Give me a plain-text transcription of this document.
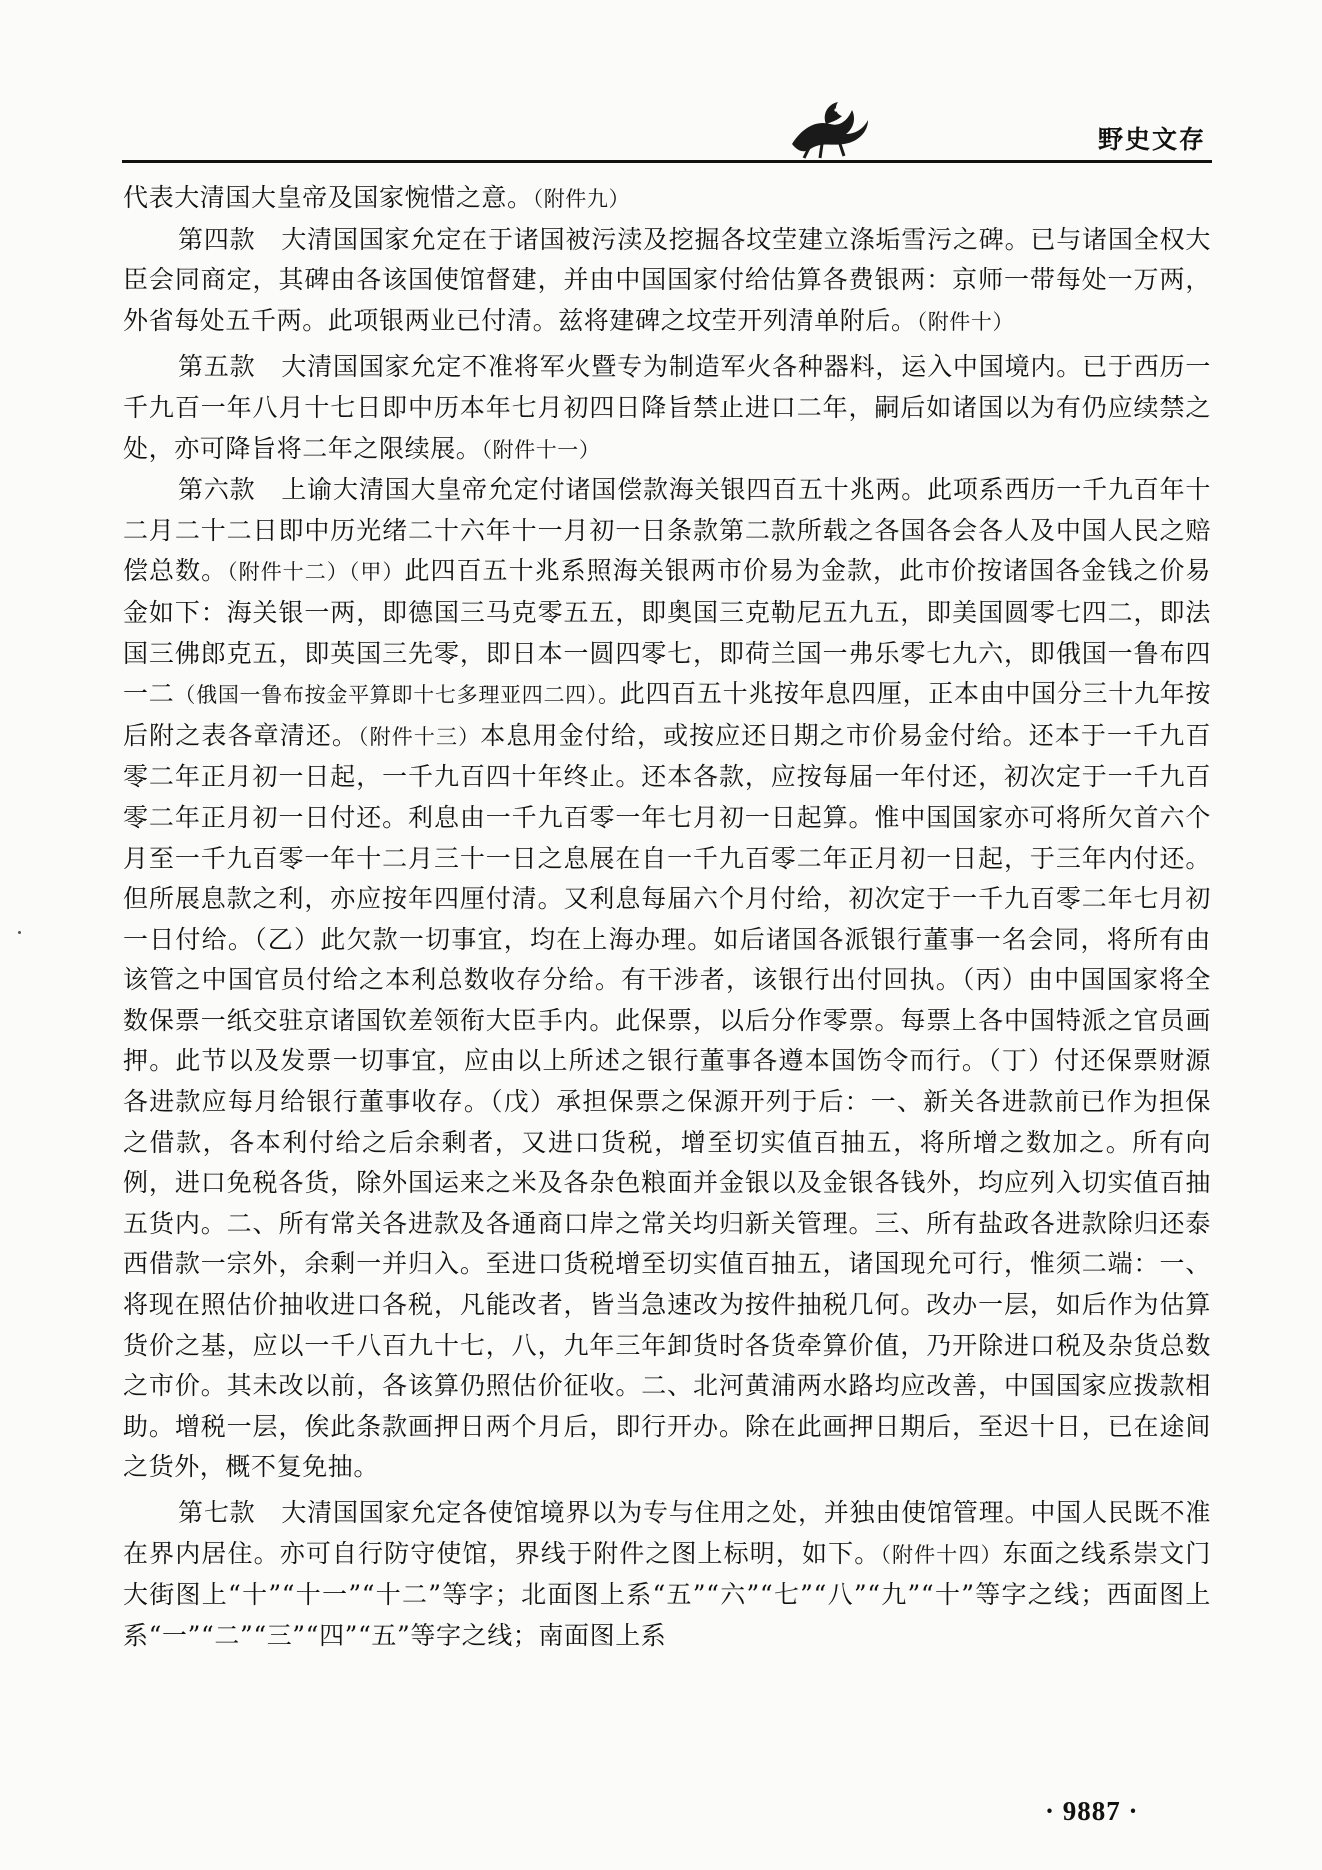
野史文存

代表大清国大皇帝及国家惋惜之意。（附件九）

第四款　大清国国家允定在于诸国被污渎及挖掘各坟茔建立涤垢雪污之碑。已与诸国全权大臣会同商定，其碑由各该国使馆督建，并由中国国家付给估算各费银两：京师一带每处一万两，外省每处五千两。此项银两业已付清。兹将建碑之坟茔开列清单附后。（附件十）

第五款　大清国国家允定不准将军火暨专为制造军火各种器料，运入中国境内。已于西历一千九百一年八月十七日即中历本年七月初四日降旨禁止进口二年，嗣后如诸国以为有仍应续禁之处，亦可降旨将二年之限续展。（附件十一）

第六款　上谕大清国大皇帝允定付诸国偿款海关银四百五十兆两。此项系西历一千九百年十二月二十二日即中历光绪二十六年十一月初一日条款第二款所载之各国各会各人及中国人民之赔偿总数。（附件十二）（甲）此四百五十兆系照海关银两市价易为金款，此市价按诸国各金钱之价易金如下：海关银一两，即德国三马克零五五，即奥国三克勒尼五九五，即美国圆零七四二，即法国三佛郎克五，即英国三先零，即日本一圆四零七，即荷兰国一弗乐零七九六，即俄国一鲁布四一二（俄国一鲁布按金平算即十七多理亚四二四）。此四百五十兆按年息四厘，正本由中国分三十九年按后附之表各章清还。（附件十三）本息用金付给，或按应还日期之市价易金付给。还本于一千九百零二年正月初一日起，一千九百四十年终止。还本各款，应按每届一年付还，初次定于一千九百零二年正月初一日付还。利息由一千九百零一年七月初一日起算。惟中国国家亦可将所欠首六个月至一千九百零一年十二月三十一日之息展在自一千九百零二年正月初一日起，于三年内付还。但所展息款之利，亦应按年四厘付清。又利息每届六个月付给，初次定于一千九百零二年七月初一日付给。（乙）此欠款一切事宜，均在上海办理。如后诸国各派银行董事一名会同，将所有由该管之中国官员付给之本利总数收存分给。有干涉者，该银行出付回执。（丙）由中国国家将全数保票一纸交驻京诸国钦差领衔大臣手内。此保票，以后分作零票。每票上各中国特派之官员画押。此节以及发票一切事宜，应由以上所述之银行董事各遵本国饬令而行。（丁）付还保票财源各进款应每月给银行董事收存。（戊）承担保票之保源开列于后：一、新关各进款前已作为担保之借款，各本利付给之后余剩者，又进口货税，增至切实值百抽五，将所增之数加之。所有向例，进口免税各货，除外国运来之米及各杂色粮面并金银以及金银各钱外，均应列入切实值百抽五货内。二、所有常关各进款及各通商口岸之常关均归新关管理。三、所有盐政各进款除归还泰西借款一宗外，余剩一并归入。至进口货税增至切实值百抽五，诸国现允可行，惟须二端：一、将现在照估价抽收进口各税，凡能改者，皆当急速改为按件抽税几何。改办一层，如后作为估算货价之基，应以一千八百九十七，八，九年三年卸货时各货牵算价值，乃开除进口税及杂货总数之市价。其未改以前，各该算仍照估价征收。二、北河黄浦两水路均应改善，中国国家应拨款相助。增税一层，俟此条款画押日两个月后，即行开办。除在此画押日期后，至迟十日，已在途间之货外，概不复免抽。

第七款　大清国国家允定各使馆境界以为专与住用之处，并独由使馆管理。中国人民既不准在界内居住。亦可自行防守使馆，界线于附件之图上标明，如下。（附件十四）东面之线系崇文门大街图上“十”“十一”“十二”等字；北面图上系“五”“六”“七”“八”“九”“十”等字之线；西面图上系“一”“二”“三”“四”“五”等字之线；南面图上系

· 9887 ·
